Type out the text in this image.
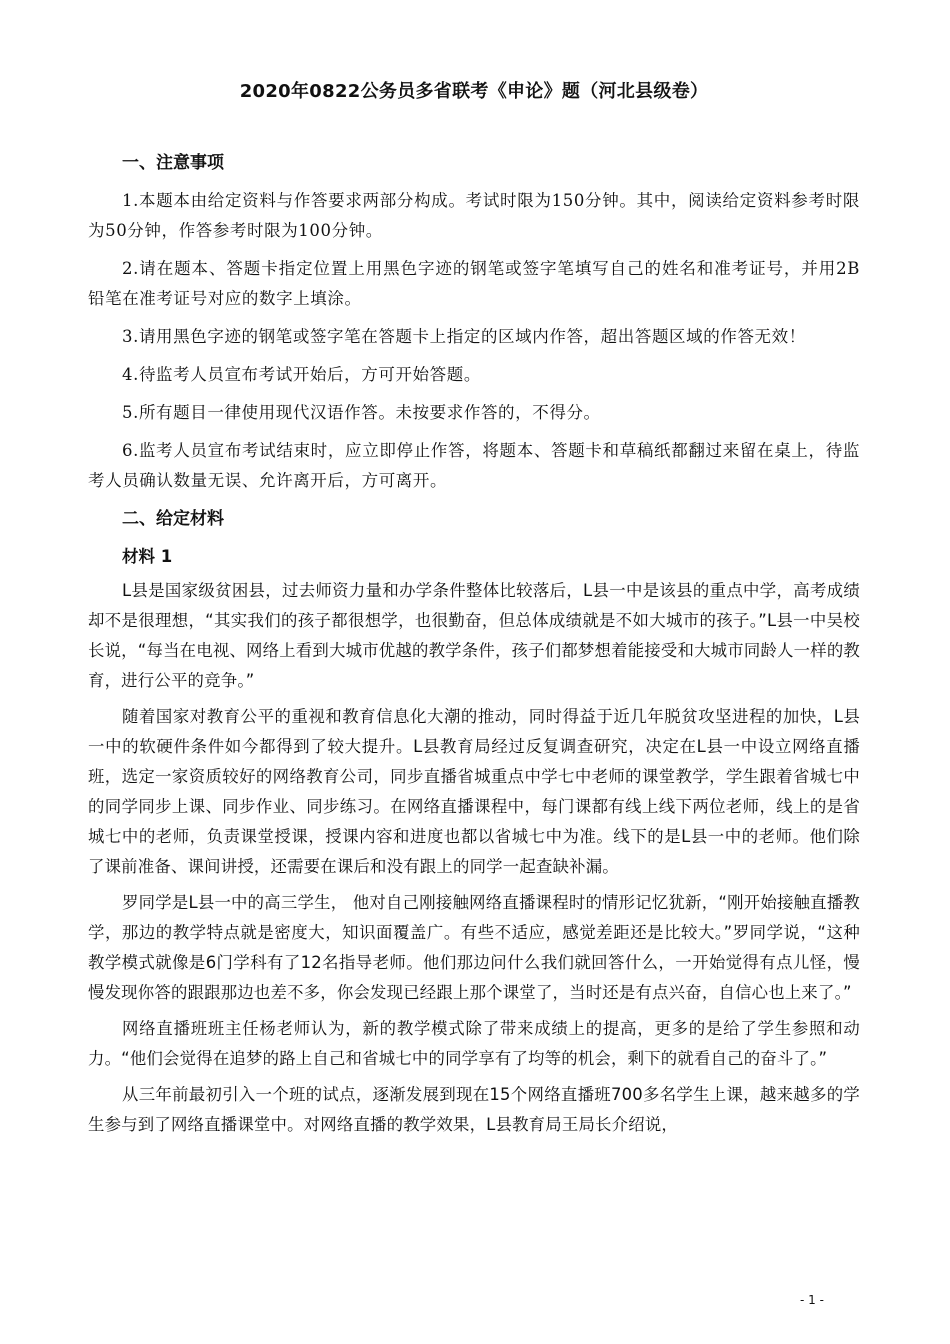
2020年0822公务员多省联考《申论》题（河北县级卷）
一、注意事项

1.本题本由给定资料与作答要求两部分构成。考试时限为150分钟。其中，阅读给定资料参考时限为50分钟，作答参考时限为100分钟。

2.请在题本、答题卡指定位置上用黑色字迹的钢笔或签字笔填写自己的姓名和准考证号，并用2B铅笔在准考证号对应的数字上填涂。

3.请用黑色字迹的钢笔或签字笔在答题卡上指定的区域内作答，超出答题区域的作答无效！

4.待监考人员宣布考试开始后，方可开始答题。

5.所有题目一律使用现代汉语作答。未按要求作答的，不得分。

6.监考人员宣布考试结束时，应立即停止作答，将题本、答题卡和草稿纸都翻过来留在桌上，待监考人员确认数量无误、允许离开后，方可离开。

二、给定材料
材料 1

L县是国家级贫困县，过去师资力量和办学条件整体比较落后，L县一中是该县的重点中学，高考成绩却不是很理想，“其实我们的孩子都很想学，也很勤奋，但总体成绩就是不如大城市的孩子。”L县一中吴校长说，“每当在电视、网络上看到大城市优越的教学条件，孩子们都梦想着能接受和大城市同龄人一样的教育，进行公平的竞争。”

随着国家对教育公平的重视和教育信息化大潮的推动，同时得益于近几年脱贫攻坚进程的加快，L县一中的软硬件条件如今都得到了较大提升。L县教育局经过反复调查研究，决定在L县一中设立网络直播班，选定一家资质较好的网络教育公司，同步直播省城重点中学七中老师的课堂教学，学生跟着省城七中的同学同步上课、同步作业、同步练习。在网络直播课程中，每门课都有线上线下两位老师，线上的是省城七中的老师，负责课堂授课，授课内容和进度也都以省城七中为准。线下的是L县一中的老师。他们除了课前准备、课间讲授，还需要在课后和没有跟上的同学一起查缺补漏。

罗同学是L县一中的高三学生， 他对自己刚接触网络直播课程时的情形记忆犹新，“刚开始接触直播教学，那边的教学特点就是密度大，知识面覆盖广。有些不适应，感觉差距还是比较大。”罗同学说，“这种教学模式就像是6门学科有了12名指导老师。他们那边问什么我们就回答什么，一开始觉得有点儿怪，慢慢发现你答的跟跟那边也差不多，你会发现已经跟上那个课堂了，当时还是有点兴奋，自信心也上来了。”

网络直播班班主任杨老师认为，新的教学模式除了带来成绩上的提高，更多的是给了学生参照和动力。“他们会觉得在追梦的路上自己和省城七中的同学享有了均等的机会，剩下的就看自己的奋斗了。”

从三年前最初引入一个班的试点，逐渐发展到现在15个网络直播班700多名学生上课，越来越多的学生参与到了网络直播课堂中。对网络直播的教学效果，L县教育局王局长介绍说，

- 1 -
